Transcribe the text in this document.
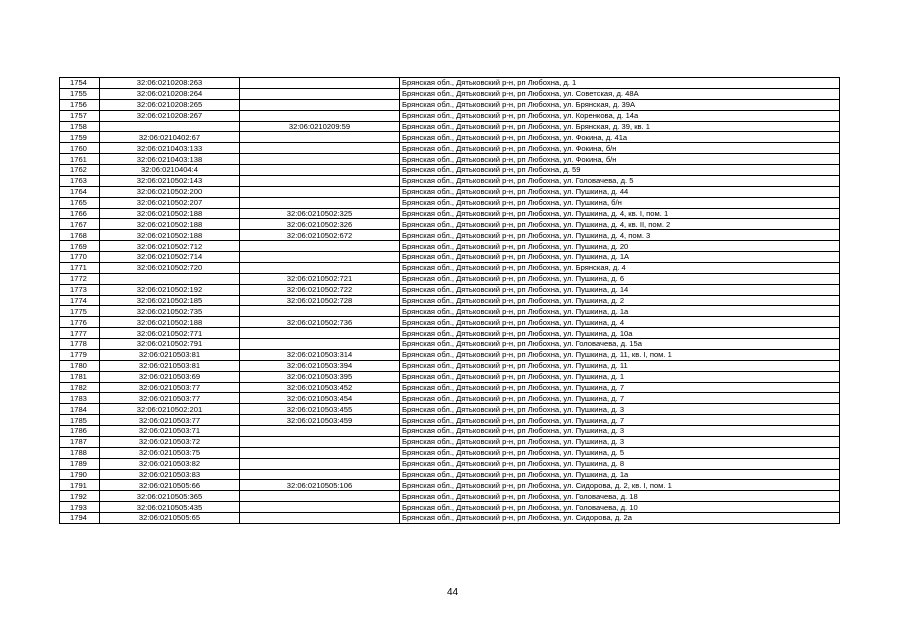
1754	32:06:0210208:263		Брянская обл., Дятьковский р-н, рп Любохна, д. 1
1755	32:06:0210208:264		Брянская обл., Дятьковский р-н, рп Любохна, ул. Советская, д. 48А
1756	32:06:0210208:265		Брянская обл., Дятьковский р-н, рп Любохна, ул. Брянская, д. 39А
1757	32:06:0210208:267		Брянская обл., Дятьковский р-н, рп Любохна, ул. Коренкова, д. 14а
1758		32:06:0210209:59	Брянская обл., Дятьковский р-н, рп Любохна, ул. Брянская, д. 39, кв. 1
1759	32:06:0210402:67		Брянская обл., Дятьковский р-н, рп Любохна, ул. Фокина, д. 41а
1760	32:06:0210403:133		Брянская обл., Дятьковский р-н, рп Любохна, ул. Фокина, б/н
1761	32:06:0210403:138		Брянская обл., Дятьковский р-н, рп Любохна, ул. Фокина, б/н
1762	32:06:0210404:4		Брянская обл., Дятьковский р-н, рп Любохна, д. 59
1763	32:06:0210502:143		Брянская обл., Дятьковский р-н, рп Любохна, ул. Головачева, д. 5
1764	32:06:0210502:200		Брянская обл., Дятьковский р-н, рп Любохна, ул. Пушкина, д. 44
1765	32:06:0210502:207		Брянская обл., Дятьковский р-н, рп Любохна, ул. Пушкина, б/н
1766	32:06:0210502:188	32:06:0210502:325	Брянская обл., Дятьковский р-н, рп Любохна, ул. Пушкина, д. 4, кв. I, пом. 1
1767	32:06:0210502:188	32:06:0210502:326	Брянская обл., Дятьковский р-н, рп Любохна, ул. Пушкина, д. 4, кв. II, пом. 2
1768	32:06:0210502:188	32:06:0210502:672	Брянская обл., Дятьковский р-н, рп Любохна, ул. Пушкина, д. 4, пом. 3
1769	32:06:0210502:712		Брянская обл., Дятьковский р-н, рп Любохна, ул. Пушкина, д. 20
1770	32:06:0210502:714		Брянская обл., Дятьковский р-н, рп Любохна, ул. Пушкина, д. 1А
1771	32:06:0210502:720		Брянская обл., Дятьковский р-н, рп Любохна, ул. Брянская, д. 4
1772		32:06:0210502:721	Брянская обл., Дятьковский р-н, рп Любохна, ул. Пушкина, д. 6
1773	32:06:0210502:192	32:06:0210502:722	Брянская обл., Дятьковский р-н, рп Любохна, ул. Пушкина, д. 14
1774	32:06:0210502:185	32:06:0210502:728	Брянская обл., Дятьковский р-н, рп Любохна, ул. Пушкина, д. 2
1775	32:06:0210502:735		Брянская обл., Дятьковский р-н, рп Любохна, ул. Пушкина, д. 1а
1776	32:06:0210502:188	32:06:0210502:736	Брянская обл., Дятьковский р-н, рп Любохна, ул. Пушкина, д. 4
1777	32:06:0210502:771		Брянская обл., Дятьковский р-н, рп Любохна, ул. Пушкина, д. 10а
1778	32:06:0210502:791		Брянская обл., Дятьковский р-н, рп Любохна, ул. Головачева, д. 15а
1779	32:06:0210503:81	32:06:0210503:314	Брянская обл., Дятьковский р-н, рп Любохна, ул. Пушкина, д. 11, кв. I, пом. 1
1780	32:06:0210503:81	32:06:0210503:394	Брянская обл., Дятьковский р-н, рп Любохна, ул. Пушкина, д. 11
1781	32:06:0210503:69	32:06:0210503:395	Брянская обл., Дятьковский р-н, рп Любохна, ул. Пушкина, д. 1
1782	32:06:0210503:77	32:06:0210503:452	Брянская обл., Дятьковский р-н, рп Любохна, ул. Пушкина, д. 7
1783	32:06:0210503:77	32:06:0210503:454	Брянская обл., Дятьковский р-н, рп Любохна, ул. Пушкина, д. 7
1784	32:06:0210502:201	32:06:0210503:455	Брянская обл., Дятьковский р-н, рп Любохна, ул. Пушкина, д. 3
1785	32:06:0210503:77	32:06:0210503:459	Брянская обл., Дятьковский р-н, рп Любохна, ул. Пушкина, д. 7
1786	32:06:0210503:71		Брянская обл., Дятьковский р-н, рп Любохна, ул. Пушкина, д. 3
1787	32:06:0210503:72		Брянская обл., Дятьковский р-н, рп Любохна, ул. Пушкина, д. 3
1788	32:06:0210503:75		Брянская обл., Дятьковский р-н, рп Любохна, ул. Пушкина, д. 5
1789	32:06:0210503:82		Брянская обл., Дятьковский р-н, рп Любохна, ул. Пушкина, д. 8
1790	32:06:0210503:83		Брянская обл., Дятьковский р-н, рп Любохна, ул. Пушкина, д. 1а
1791	32:06:0210505:66	32:06:0210505:106	Брянская обл., Дятьковский р-н, рп Любохна, ул. Сидорова, д. 2, кв. I, пом. 1
1792	32:06:0210505:365		Брянская обл., Дятьковский р-н, рп Любохна, ул. Головачева, д. 18
1793	32:06:0210505:435		Брянская обл., Дятьковский р-н, рп Любохна, ул. Головачева, д. 10
1794	32:06:0210505:65		Брянская обл., Дятьковский р-н, рп Любохна, ул. Сидорова, д. 2а
44
